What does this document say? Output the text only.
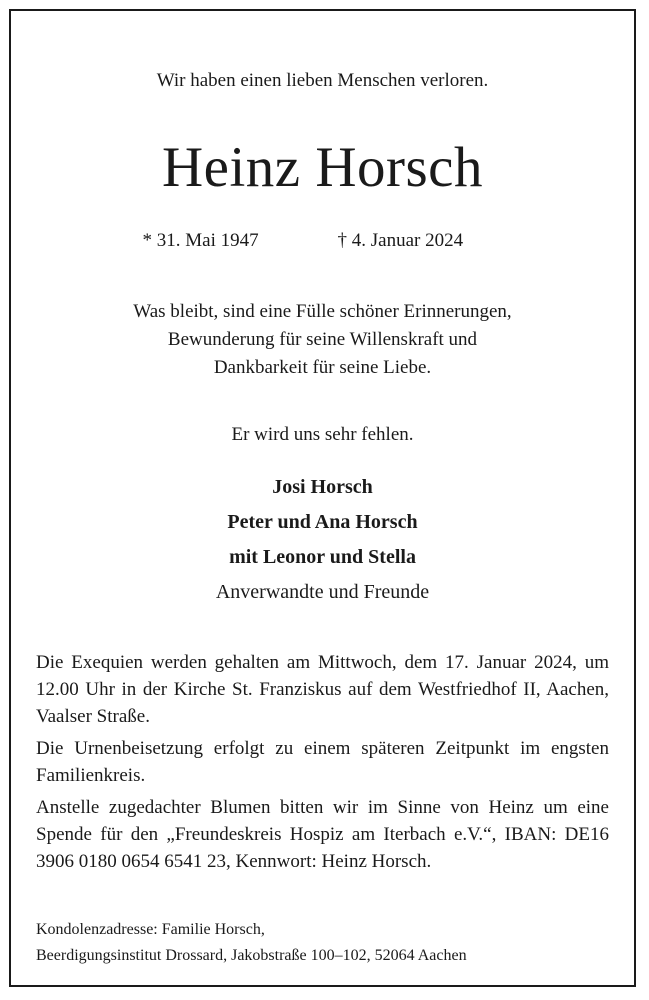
Wir haben einen lieben Menschen verloren.
Heinz Horsch
* 31. Mai 1947	† 4. Januar 2024
Was bleibt, sind eine Fülle schöner Erinnerungen,
Bewunderung für seine Willenskraft und
Dankbarkeit für seine Liebe.
Er wird uns sehr fehlen.
Josi Horsch
Peter und Ana Horsch
mit Leonor und Stella
Anverwandte und Freunde

Die Exequien werden gehalten am Mittwoch, dem 17. Januar 2024, um 12.00 Uhr in der Kirche St. Franziskus auf dem Westfriedhof II, Aachen, Vaalser Straße.

Die Urnenbeisetzung erfolgt zu einem späteren Zeitpunkt im engsten Familienkreis.

Anstelle zugedachter Blumen bitten wir im Sinne von Heinz um eine Spende für den „Freundeskreis Hospiz am Iterbach e.V.“, IBAN: DE16 3906 0180 0654 6541 23, Kennwort: Heinz Horsch.

Kondolenzadresse: Familie Horsch,
Beerdigungsinstitut Drossard, Jakobstraße 100–102, 52064 Aachen
